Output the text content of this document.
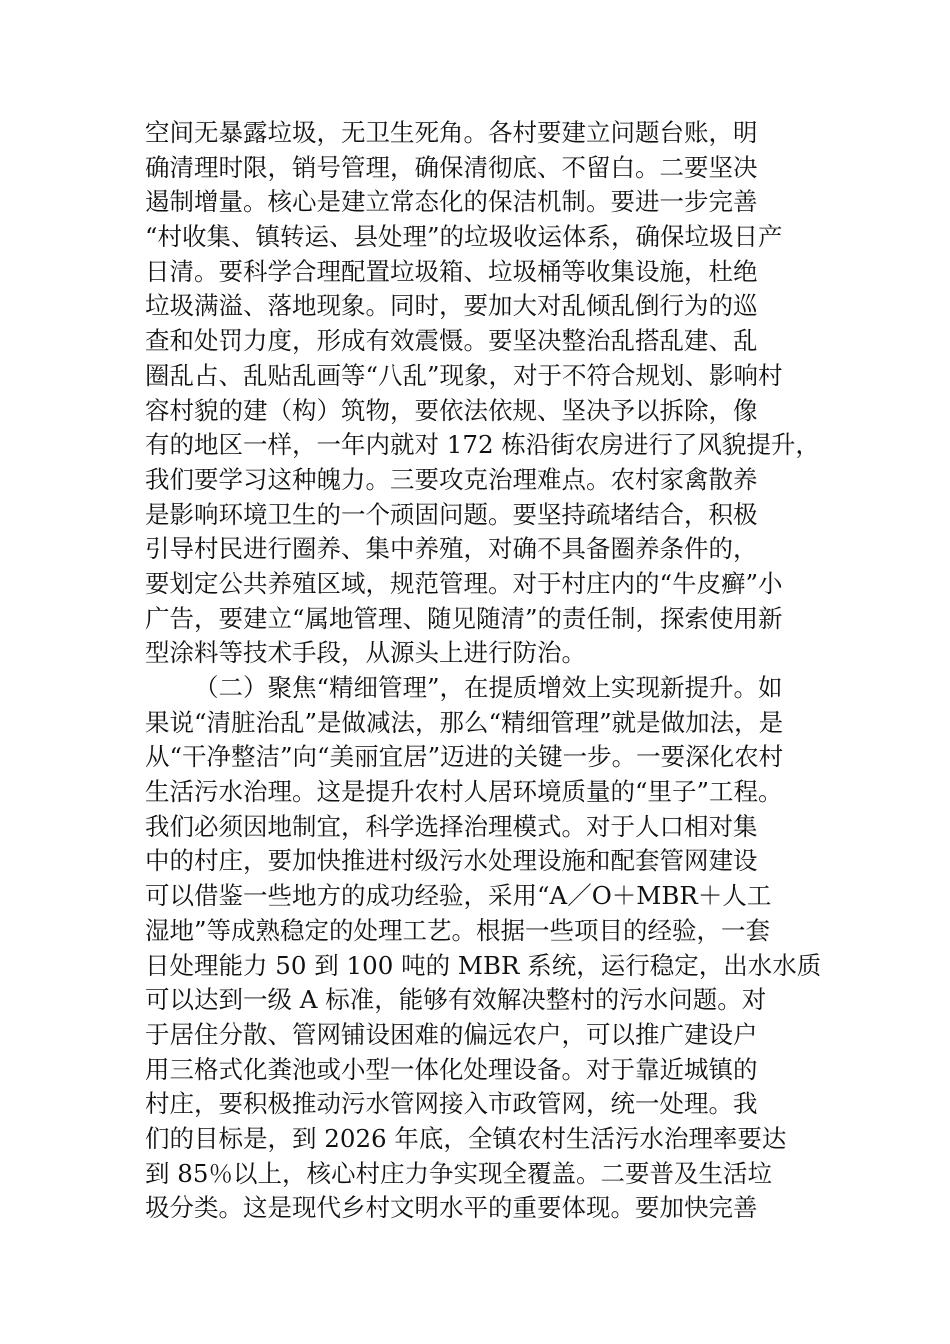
空间无暴露垃圾，无卫生死角。各村要建立问题台账，明
确清理时限，销号管理，确保清彻底、不留白。二要坚决
遏制增量。核心是建立常态化的保洁机制。要进一步完善
“村收集、镇转运、县处理”的垃圾收运体系，确保垃圾日产
日清。要科学合理配置垃圾箱、垃圾桶等收集设施，杜绝
垃圾满溢、落地现象。同时，要加大对乱倾乱倒行为的巡
查和处罚力度，形成有效震慑。要坚决整治乱搭乱建、乱
圈乱占、乱贴乱画等“八乱”现象，对于不符合规划、影响村
容村貌的建（构）筑物，要依法依规、坚决予以拆除，像
有的地区一样，一年内就对 172 栋沿街农房进行了风貌提升，
我们要学习这种魄力。三要攻克治理难点。农村家禽散养
是影响环境卫生的一个顽固问题。要坚持疏堵结合，积极
引导村民进行圈养、集中养殖，对确不具备圈养条件的，
要划定公共养殖区域，规范管理。对于村庄内的“牛皮癣”小
广告，要建立“属地管理、随见随清”的责任制，探索使用新
型涂料等技术手段，从源头上进行防治。
（二）聚焦“精细管理”，在提质增效上实现新提升。如
果说“清脏治乱”是做减法，那么“精细管理”就是做加法，是
从“干净整洁”向“美丽宜居”迈进的关键一步。一要深化农村
生活污水治理。这是提升农村人居环境质量的“里子”工程。
我们必须因地制宜，科学选择治理模式。对于人口相对集
中的村庄，要加快推进村级污水处理设施和配套管网建设
可以借鉴一些地方的成功经验，采用“A／O＋MBR＋人工
湿地”等成熟稳定的处理工艺。根据一些项目的经验，一套
日处理能力 50 到 100 吨的 MBR 系统，运行稳定，出水水质
可以达到一级 A 标准，能够有效解决整村的污水问题。对
于居住分散、管网铺设困难的偏远农户，可以推广建设户
用三格式化粪池或小型一体化处理设备。对于靠近城镇的
村庄，要积极推动污水管网接入市政管网，统一处理。我
们的目标是，到 2026 年底，全镇农村生活污水治理率要达
到 85％以上，核心村庄力争实现全覆盖。二要普及生活垃
圾分类。这是现代乡村文明水平的重要体现。要加快完善
